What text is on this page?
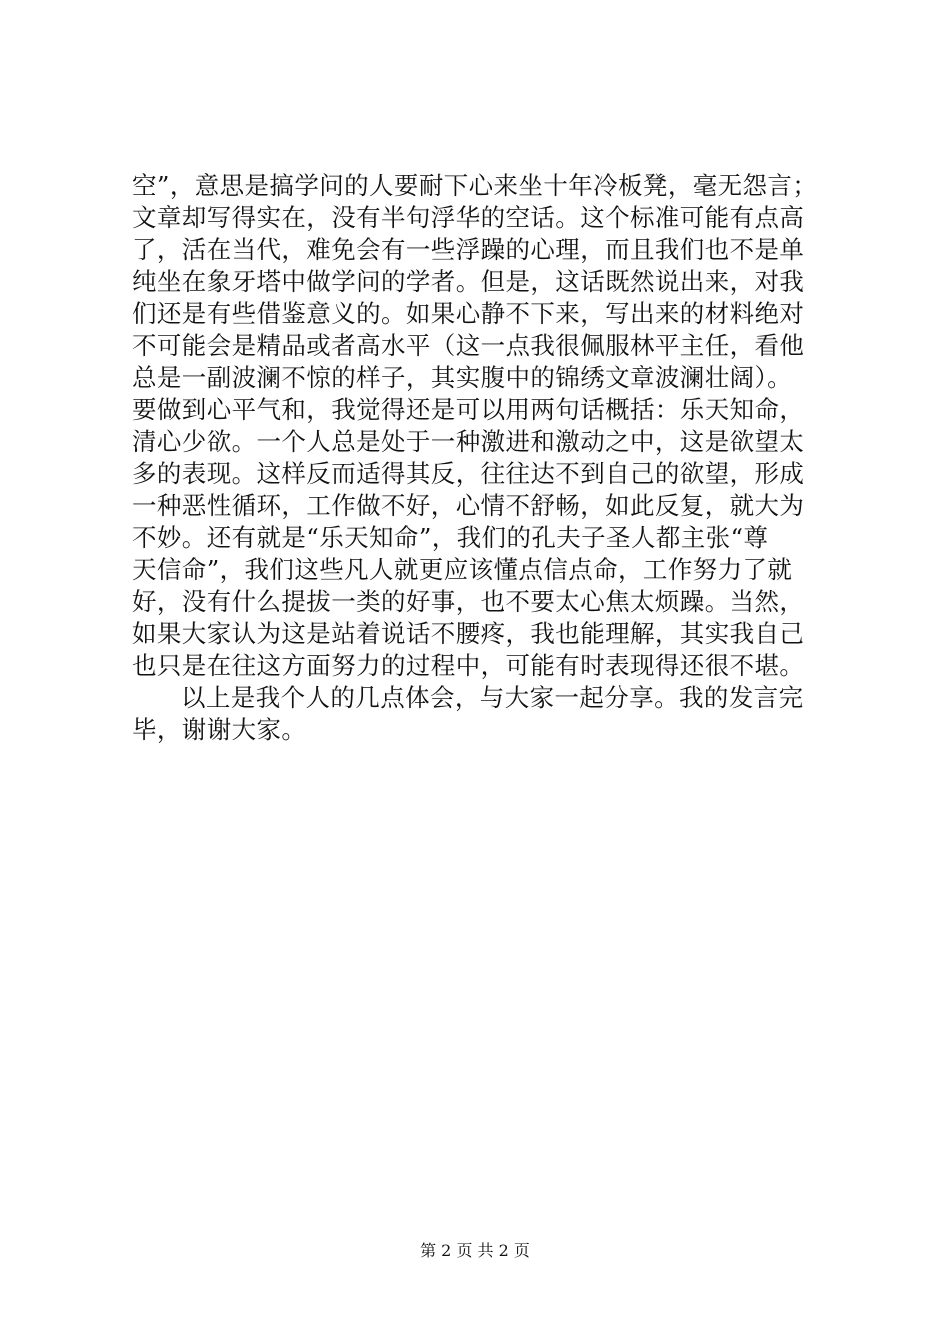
空”，意思是搞学问的人要耐下心来坐十年冷板凳，毫无怨言；
文章却写得实在，没有半句浮华的空话。这个标准可能有点高
了，活在当代，难免会有一些浮躁的心理，而且我们也不是单
纯坐在象牙塔中做学问的学者。但是，这话既然说出来，对我
们还是有些借鉴意义的。如果心静不下来，写出来的材料绝对
不可能会是精品或者高水平（这一点我很佩服林平主任，看他
总是一副波澜不惊的样子，其实腹中的锦绣文章波澜壮阔）。
要做到心平气和，我觉得还是可以用两句话概括：乐天知命，
清心少欲。一个人总是处于一种激进和激动之中，这是欲望太
多的表现。这样反而适得其反，往往达不到自己的欲望，形成
一种恶性循环，工作做不好，心情不舒畅，如此反复，就大为
不妙。还有就是“乐天知命”，我们的孔夫子圣人都主张“尊
天信命”，我们这些凡人就更应该懂点信点命，工作努力了就
好，没有什么提拔一类的好事，也不要太心焦太烦躁。当然，
如果大家认为这是站着说话不腰疼，我也能理解，其实我自己
也只是在往这方面努力的过程中，可能有时表现得还很不堪。
以上是我个人的几点体会，与大家一起分享。我的发言完
毕，谢谢大家。
第 2 页 共 2 页
